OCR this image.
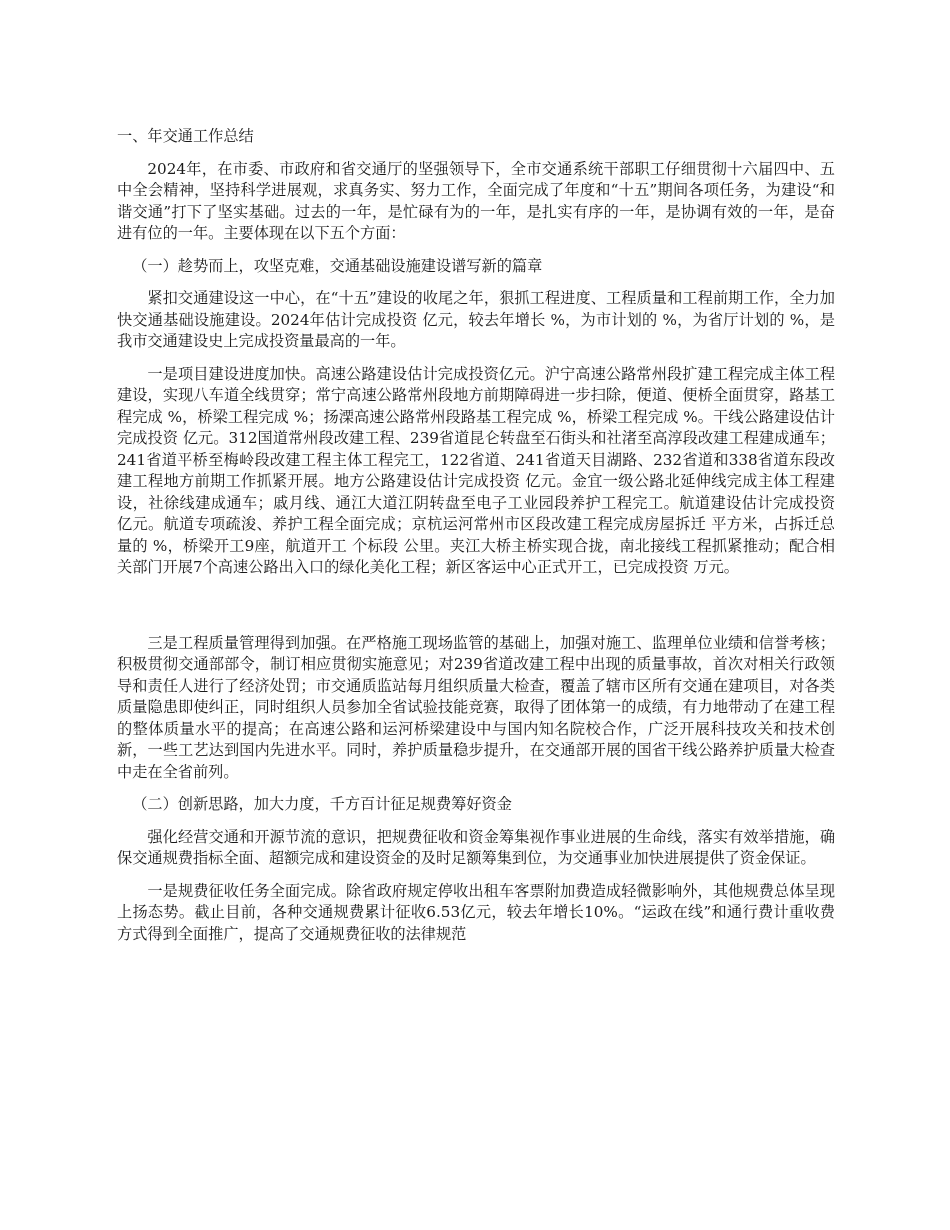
一、年交通工作总结

2024年，在市委、市政府和省交通厅的坚强领导下，全市交通系统干部职工仔细贯彻十六届四中、五中全会精神，坚持科学进展观，求真务实、努力工作，全面完成了年度和“十五”期间各项任务，为建设“和谐交通”打下了坚实基础。过去的一年，是忙碌有为的一年，是扎实有序的一年，是协调有效的一年，是奋进有位的一年。主要体现在以下五个方面：

（一）趁势而上，攻坚克难，交通基础设施建设谱写新的篇章

紧扣交通建设这一中心，在“十五”建设的收尾之年，狠抓工程进度、工程质量和工程前期工作，全力加快交通基础设施建设。2024年估计完成投资 亿元，较去年增长 %，为市计划的 %，为省厅计划的 %，是我市交通建设史上完成投资量最高的一年。

一是项目建设进度加快。高速公路建设估计完成投资亿元。沪宁高速公路常州段扩建工程完成主体工程建设，实现八车道全线贯穿；常宁高速公路常州段地方前期障碍进一步扫除，便道、便桥全面贯穿，路基工程完成 %，桥梁工程完成 %；扬溧高速公路常州段路基工程完成 %，桥梁工程完成 %。干线公路建设估计完成投资 亿元。312国道常州段改建工程、239省道昆仑转盘至石街头和社渚至高淳段改建工程建成通车；241省道平桥至梅岭段改建工程主体工程完工，122省道、241省道天目湖路、232省道和338省道东段改建工程地方前期工作抓紧开展。地方公路建设估计完成投资 亿元。金宜一级公路北延伸线完成主体工程建设，社徐线建成通车；戚月线、通江大道江阴转盘至电子工业园段养护工程完工。航道建设估计完成投资 亿元。航道专项疏浚、养护工程全面完成；京杭运河常州市区段改建工程完成房屋拆迁 平方米，占拆迁总量的 %，桥梁开工9座，航道开工 个标段 公里。夹江大桥主桥实现合拢，南北接线工程抓紧推动；配合相关部门开展7个高速公路出入口的绿化美化工程；新区客运中心正式开工，已完成投资 万元。

三是工程质量管理得到加强。在严格施工现场监管的基础上，加强对施工、监理单位业绩和信誉考核；积极贯彻交通部部令，制订相应贯彻实施意见；对239省道改建工程中出现的质量事故，首次对相关行政领导和责任人进行了经济处罚；市交通质监站每月组织质量大检查，覆盖了辖市区所有交通在建项目，对各类质量隐患即使纠正，同时组织人员参加全省试验技能竞赛，取得了团体第一的成绩，有力地带动了在建工程的整体质量水平的提高；在高速公路和运河桥梁建设中与国内知名院校合作，广泛开展科技攻关和技术创新，一些工艺达到国内先进水平。同时，养护质量稳步提升，在交通部开展的国省干线公路养护质量大检查中走在全省前列。

（二）创新思路，加大力度，千方百计征足规费筹好资金

强化经营交通和开源节流的意识，把规费征收和资金筹集视作事业进展的生命线，落实有效举措施，确保交通规费指标全面、超额完成和建设资金的及时足额筹集到位，为交通事业加快进展提供了资金保证。

一是规费征收任务全面完成。除省政府规定停收出租车客票附加费造成轻微影响外，其他规费总体呈现上扬态势。截止目前，各种交通规费累计征收6.53亿元，较去年增长10%。“运政在线”和通行费计重收费方式得到全面推广，提高了交通规费征收的法律规范
